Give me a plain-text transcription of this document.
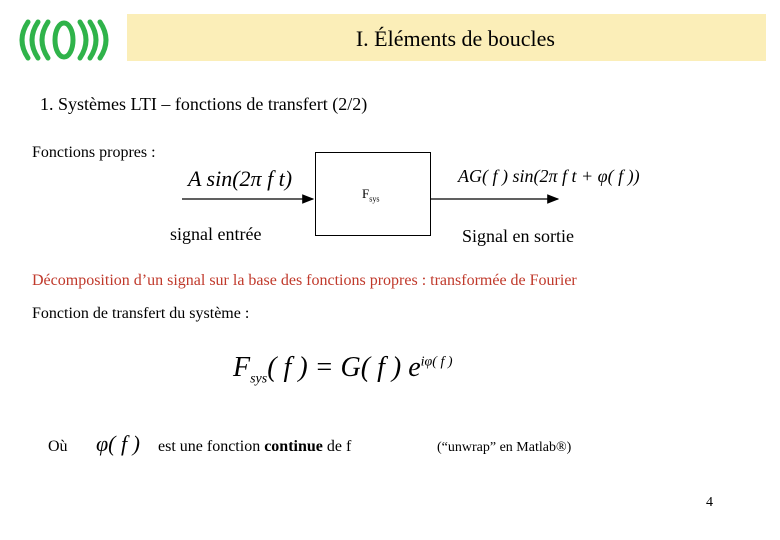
I. Éléments de boucles
1. Systèmes LTI – fonctions de transfert (2/2)
Fonctions propres :
A sin(2π f t)	AG( f ) sin(2π f t + φ( f ))
$F_{sys}$
signal entrée	Signal en sortie
Décomposition d’un signal sur la base des fonctions propres : transformée de Fourier
Fonction de transfert du système :
$F_{sys}$( f ) = G( f ) $e^{i\varphi( f )}$
Où φ( f ) est une fonction continue de f	(“unwrap” en Matlab®)
4
